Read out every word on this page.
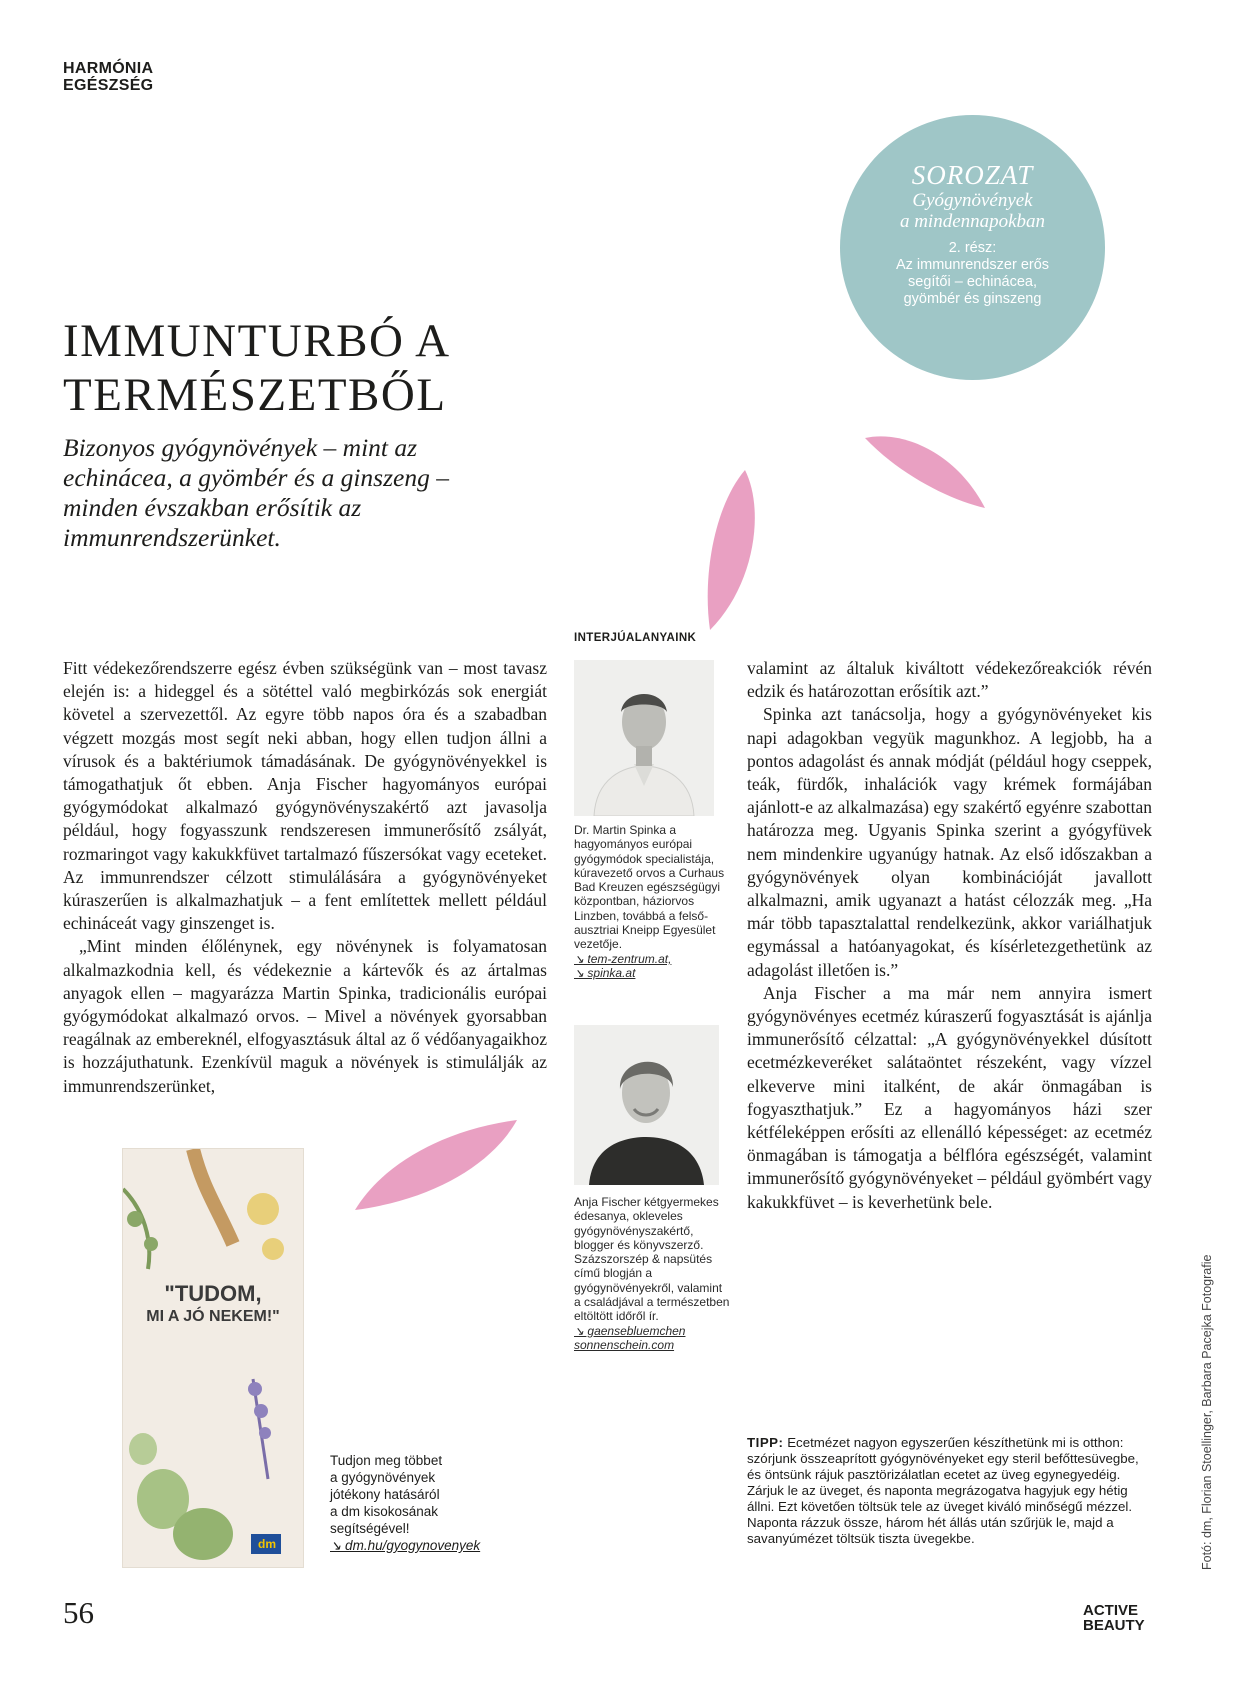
HARMÓNIA
EGÉSZSÉG
SOROZAT
Gyógynövények
a mindennapokban
2. rész:
Az immunrendszer erős
segítői – echinácea,
gyömbér és ginszeng
IMMUNTURBÓ A
TERMÉSZETBŐL
Bizonyos gyógynövények – mint az echinácea, a gyömbér és a ginszeng – minden évszakban erősítik az immunrendszerünket.

Fitt védekezőrendszerre egész évben szükségünk van – most tavasz elején is: a hideggel és a sötéttel való megbirkózás sok energiát követel a szervezettől. Az egyre több napos óra és a szabadban végzett mozgás most segít neki abban, hogy ellen tudjon állni a vírusok és a baktériumok támadásának. De gyógynövényekkel is támogathatjuk őt ebben. Anja Fischer hagyományos európai gyógymódokat alkalmazó gyógynövényszakértő azt javasolja például, hogy fogyasszunk rendszeresen immunerősítő zsályát, rozmaringot vagy kakukkfüvet tartalmazó fűszersókat vagy eceteket. Az immunrendszer célzott stimulálására a gyógynövényeket kúraszerűen is alkalmazhatjuk – a fent említettek mellett például echináceát vagy ginszenget is.

„Mint minden élőlénynek, egy növénynek is folyamatosan alkalmazkodnia kell, és védekeznie a kártevők és az ártalmas anyagok ellen – magyarázza Martin Spinka, tradicionális európai gyógymódokat alkalmazó orvos. – Mivel a növények gyorsabban reagálnak az embereknél, elfogyasztásuk által az ő védőanyagaikhoz is hozzájuthatunk. Ezenkívül maguk a növények is stimulálják az immunrendszerünket,

INTERJÚALANYAINK
Dr. Martin Spinka a hagyományos európai gyógymódok specialistája, kúravezető orvos a Curhaus Bad Kreuzen egészségügyi központban, háziorvos Linzben, továbbá a felső-ausztriai Kneipp Egyesület vezetője.
↘ tem-zentrum.at,
↘ spinka.at
Anja Fischer kétgyermekes édesanya, okleveles gyógynövényszakértő, blogger és könyvszerző. Százszorszép & napsütés című blogján a gyógynövényekről, valamint a családjával a természetben eltöltött időről ír.
↘ gaensebluemchen
sonnenschein.com

valamint az általuk kiváltott védekezőreakciók révén edzik és határozottan erősítik azt.”

Spinka azt tanácsolja, hogy a gyógynövényeket kis napi adagokban vegyük magunkhoz. A legjobb, ha a pontos adagolást és annak módját (például hogy cseppek, teák, fürdők, inhalációk vagy krémek formájában ajánlott-e az alkalmazása) egy szakértő egyénre szabottan határozza meg. Ugyanis Spinka szerint a gyógyfüvek nem mindenkire ugyanúgy hatnak. Az első időszakban a gyógynövények olyan kombinációját javallott alkalmazni, amik ugyanazt a hatást célozzák meg. „Ha már több tapasztalattal rendelkezünk, akkor variálhatjuk egymással a hatóanyagokat, és kísérletezgethetünk az adagolást illetően is.”

Anja Fischer a ma már nem annyira ismert gyógynövényes ecetméz kúraszerű fogyasztását is ajánlja immunerősítő célzattal: „A gyógynövényekkel dúsított ecetmézkeveréket salátaöntet részeként, vagy vízzel elkeverve mini italként, de akár önmagában is fogyaszthatjuk.” Ez a hagyományos házi szer kétféleképpen erősíti az ellenálló képességet: az ecetméz önmagában is támogatja a bélflóra egészségét, valamint immunerősítő gyógynövényeket – például gyömbért vagy kakukkfüvet – is keverhetünk bele.

TIPP: Ecetmézet nagyon egyszerűen készíthetünk mi is otthon: szórjunk összeaprított gyógynövényeket egy steril befőttesüvegbe, és öntsünk rájuk pasztörizálatlan ecetet az üveg egynegyedéig. Zárjuk le az üveget, és naponta megrázogatva hagyjuk egy hétig állni. Ezt követően töltsük tele az üveget kiváló minőségű mézzel. Naponta rázzuk össze, három hét állás után szűrjük le, majd a savanyúmézet töltsük tiszta üvegekbe.
"TUDOM,
MI A JÓ NEKEM!"
dm
Tudjon meg többet
a gyógynövények
jótékony hatásáról
a dm kisokosának
segítségével!
↘ dm.hu/gyogynovenyek
56	ACTIVE
BEAUTY
Fotó: dm, Florian Stoellinger, Barbara Pacejka Fotografie
